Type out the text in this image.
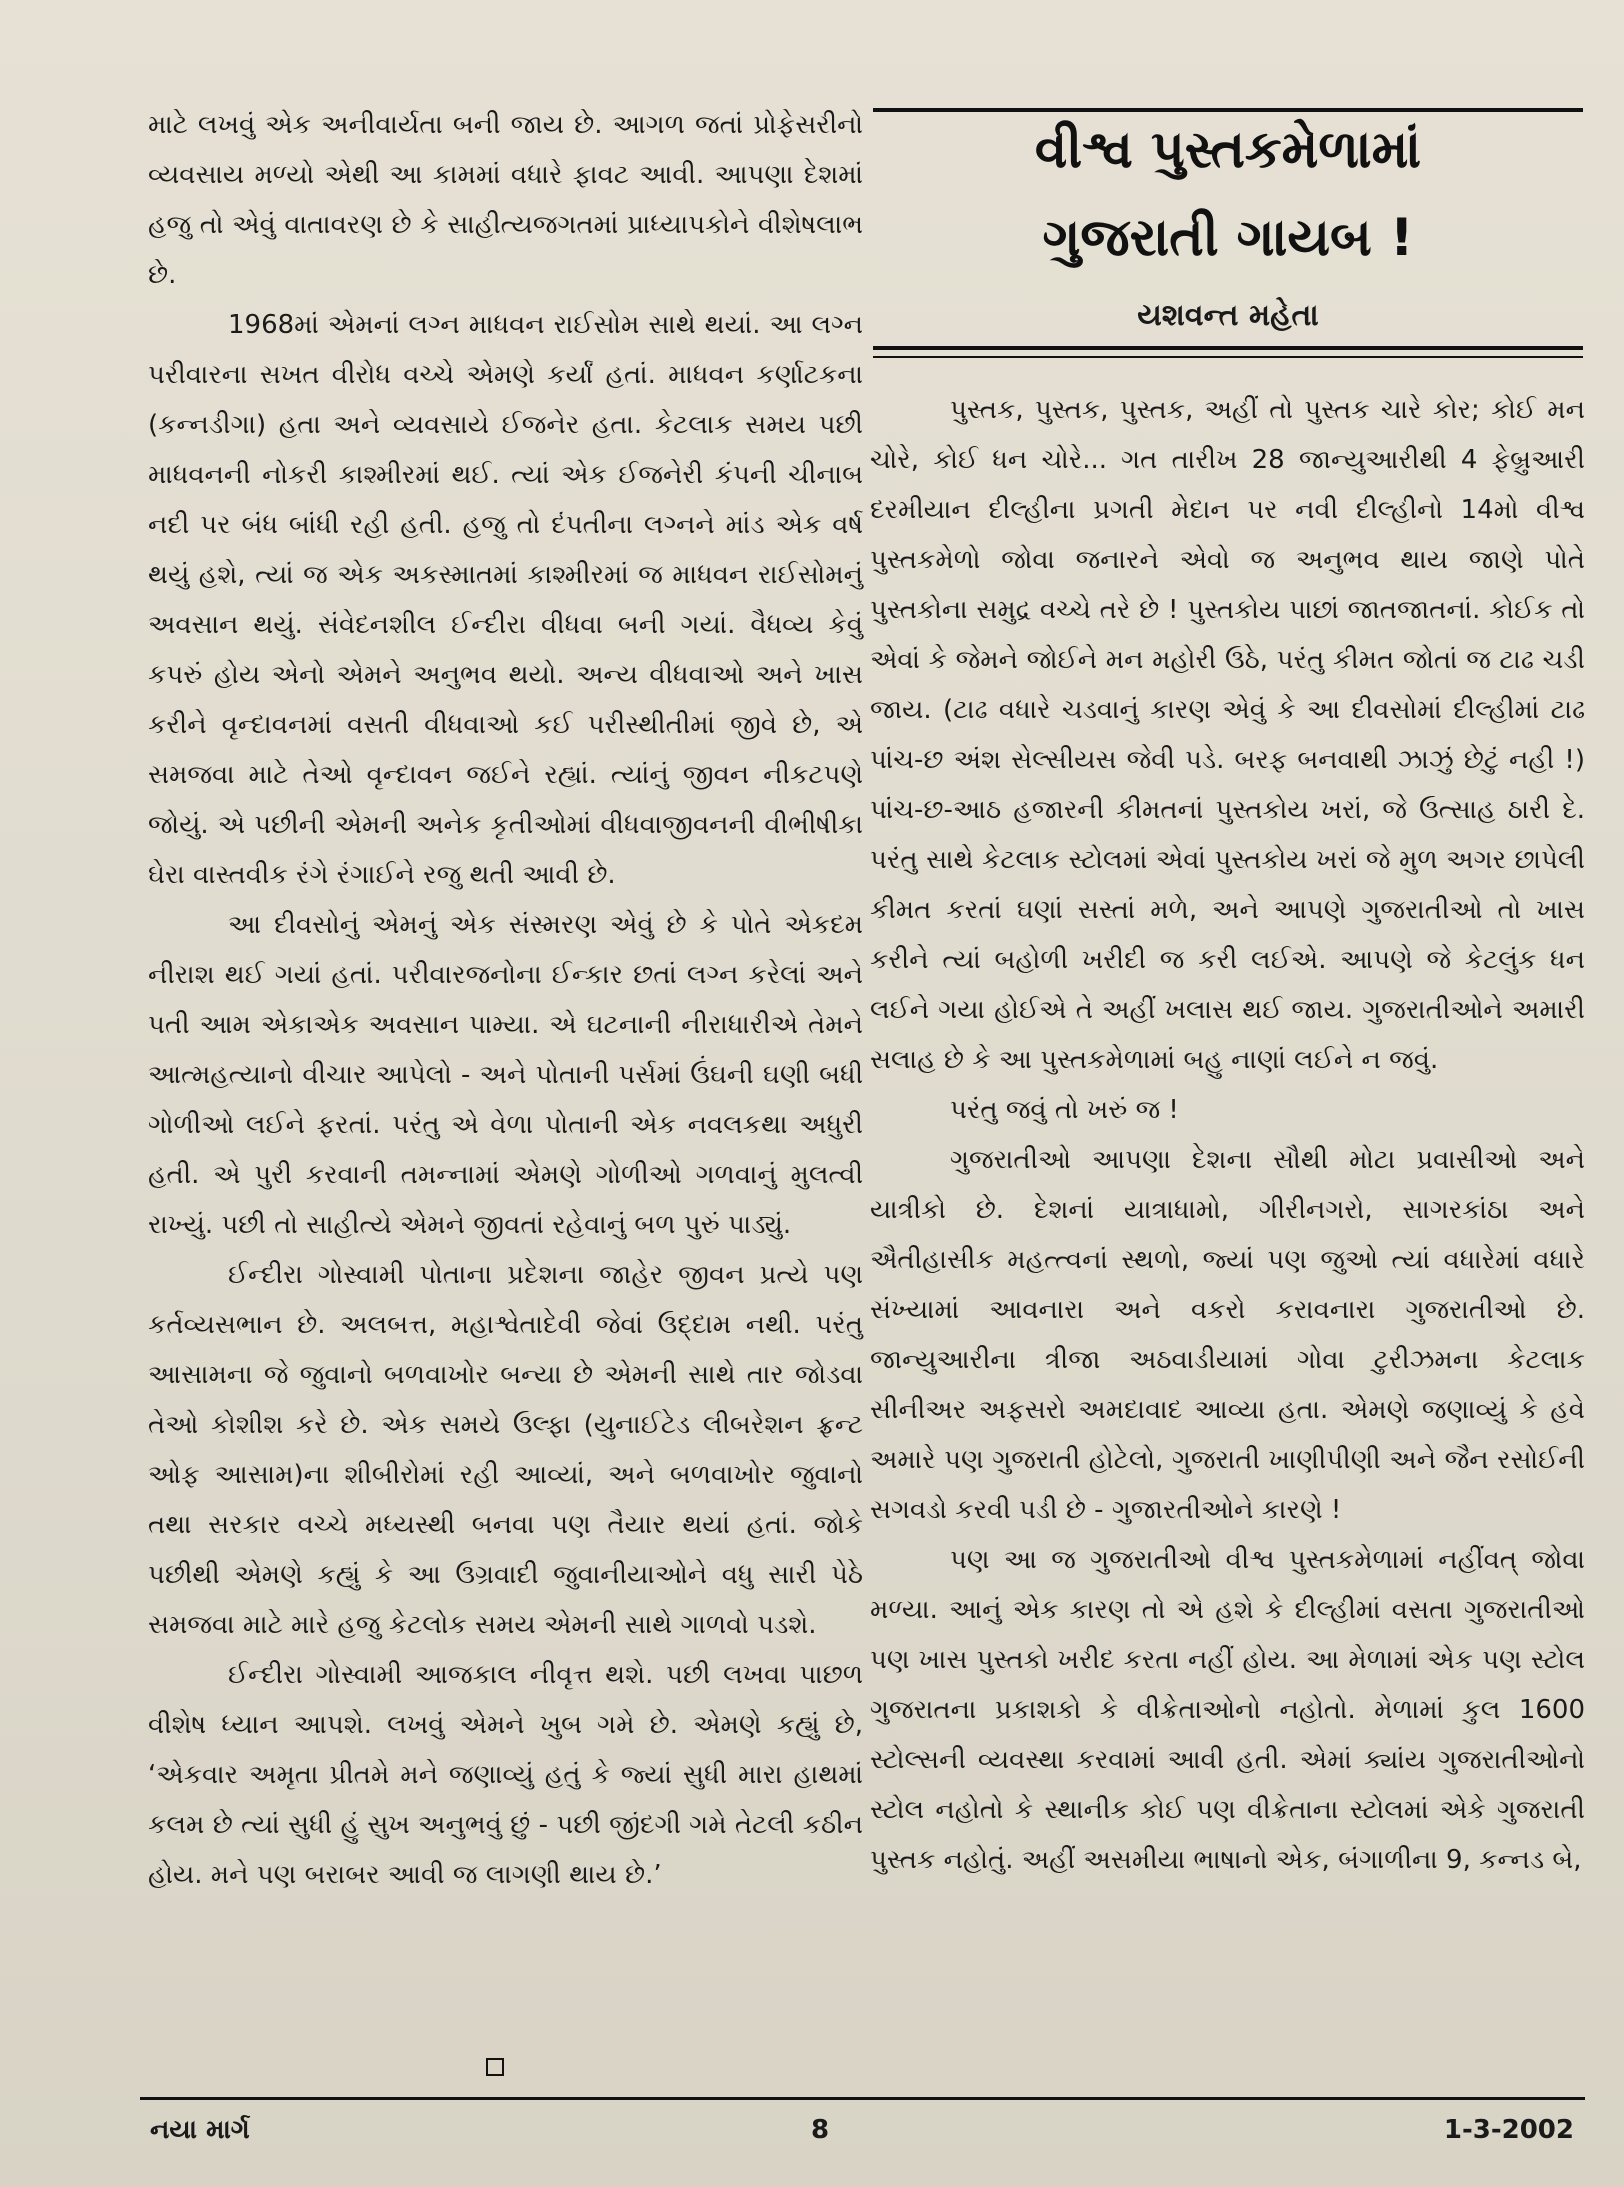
માટે લખવું એક અનીવાર્યતા બની જાય છે. આગળ જતાં પ્રોફેસરીનો વ્યવસાય મળ્યો એથી આ કામમાં વધારે ફાવટ આવી. આપણા દેશમાં હજુ તો એવું વાતાવરણ છે કે સાહીત્યજગતમાં પ્રાધ્યાપકોને વીશેષલાભ છે.

1968માં એમનાં લગ્ન માધવન રાઈસોમ સાથે થયાં. આ લગ્ન પરીવારના સખત વીરોધ વચ્ચે એમણે કર્યાં હતાં. માધવન કર્ણાટકના (કન્નડીગા) હતા અને વ્યવસાયે ઈજનેર હતા. કેટલાક સમય પછી માધવનની નોકરી કાશ્મીરમાં થઈ. ત્યાં એક ઈજનેરી કંપની ચીનાબ નદી પર બંધ બાંધી રહી હતી. હજુ તો દંપતીના લગ્નને માંડ એક વર્ષ થયું હશે, ત્યાં જ એક અકસ્માતમાં કાશ્મીરમાં જ માધવન રાઈસોમનું અવસાન થયું. સંવેદનશીલ ઈન્દીરા વીધવા બની ગયાં. વૈધવ્ય કેવું કપરું હોય એનો એમને અનુભવ થયો. અન્ય વીધવાઓ અને ખાસ કરીને વૃન્દાવનમાં વસતી વીધવાઓ કઈ પરીસ્થીતીમાં જીવે છે, એ સમજવા માટે તેઓ વૃન્દાવન જઈને રહ્યાં. ત્યાંનું જીવન નીકટપણે જોયું. એ પછીની એમની અનેક કૃતીઓમાં વીધવાજીવનની વીભીષીકા ઘેરા વાસ્તવીક રંગે રંગાઈને રજુ થતી આવી છે.

આ દીવસોનું એમનું એક સંસ્મરણ એવું છે કે પોતે એકદમ નીરાશ થઈ ગયાં હતાં. પરીવારજનોના ઈન્કાર છતાં લગ્ન કરેલાં અને પતી આમ એકાએક અવસાન પામ્યા. એ ઘટનાની નીરાધારીએ તેમને આત્મહત્યાનો વીચાર આપેલો - અને પોતાની પર્સમાં ઉંઘની ઘણી બધી ગોળીઓ લઈને ફરતાં. પરંતુ એ વેળા પોતાની એક નવલકથા અધુરી હતી. એ પુરી કરવાની તમન્નામાં એમણે ગોળીઓ ગળવાનું મુલત્વી રાખ્યું. પછી તો સાહીત્યે એમને જીવતાં રહેવાનું બળ પુરું પાડ્યું.

ઈન્દીરા ગોસ્વામી પોતાના પ્રદેશના જાહેર જીવન પ્રત્યે પણ કર્તવ્યસભાન છે. અલબત્ત, મહાશ્વેતાદેવી જેવાં ઉદ્દામ નથી. પરંતુ આસામના જે જુવાનો બળવાખોર બન્યા છે એમની સાથે તાર જોડવા તેઓ કોશીશ કરે છે. એક સમયે ઉલ્ફા (યુનાઈટેડ લીબરેશન ફ્રન્ટ ઓફ આસામ)ના શીબીરોમાં રહી આવ્યાં, અને બળવાખોર જુવાનો તથા સરકાર વચ્ચે મધ્યસ્થી બનવા પણ તૈયાર થયાં હતાં. જોકે પછીથી એમણે કહ્યું કે આ ઉગ્રવાદી જુવાનીયાઓને વધુ સારી પેઠે સમજવા માટે મારે હજુ કેટલોક સમય એમની સાથે ગાળવો પડશે.

ઈન્દીરા ગોસ્વામી આજકાલ નીવૃત્ત થશે. પછી લખવા પાછળ વીશેષ ધ્યાન આપશે. લખવું એમને ખુબ ગમે છે. એમણે કહ્યું છે, ‘એકવાર અમૃતા પ્રીતમે મને જણાવ્યું હતું કે જ્યાં સુધી મારા હાથમાં કલમ છે ત્યાં સુધી હું સુખ અનુભવું છું - પછી જીંદગી ગમે તેટલી કઠીન હોય. મને પણ બરાબર આવી જ લાગણી થાય છે.’

વીશ્વ પુસ્તકમેળામાં
ગુજરાતી ગાયબ !
યશવન્ત મહેતા

પુસ્તક, પુસ્તક, પુસ્તક, અહીં તો પુસ્તક ચારે કોર; કોઈ મન ચોરે, કોઈ ધન ચોરે... ગત તારીખ 28 જાન્યુઆરીથી 4 ફેબ્રુઆરી દરમીયાન દીલ્હીના પ્રગતી મેદાન પર નવી દીલ્હીનો 14મો વીશ્વ પુસ્તકમેળો જોવા જનારને એવો જ અનુભવ થાય જાણે પોતે પુસ્તકોના સમુદ્ર વચ્ચે તરે છે ! પુસ્તકોય પાછાં જાતજાતનાં. કોઈક તો એવાં કે જેમને જોઈને મન મહોરી ઉઠે, પરંતુ કીમત જોતાં જ ટાઢ ચડી જાય. (ટાઢ વધારે ચડવાનું કારણ એવું કે આ દીવસોમાં દીલ્હીમાં ટાઢ પાંચ-છ અંશ સેલ્સીયસ જેવી પડે. બરફ બનવાથી ઝાઝું છેટું નહી !) પાંચ-છ-આઠ હજારની કીમતનાં પુસ્તકોય ખરાં, જે ઉત્સાહ ઠારી દે. પરંતુ સાથે કેટલાક સ્ટોલમાં એવાં પુસ્તકોય ખરાં જે મુળ અગર છાપેલી કીમત કરતાં ઘણાં સસ્તાં મળે, અને આપણે ગુજરાતીઓ તો ખાસ કરીને ત્યાં બહોળી ખરીદી જ કરી લઈએ. આપણે જે કેટલુંક ધન લઈને ગયા હોઈએ તે અહીં ખલાસ થઈ જાય. ગુજરાતીઓને અમારી સલાહ છે કે આ પુસ્તકમેળામાં બહુ નાણાં લઈને ન જવું.

પરંતુ જવું તો ખરું જ !

ગુજરાતીઓ આપણા દેશના સૌથી મોટા પ્રવાસીઓ અને યાત્રીકો છે. દેશનાં યાત્રાધામો, ગીરીનગરો, સાગરકાંઠા અને ઐતીહાસીક મહત્ત્વનાં સ્થળો, જ્યાં પણ જુઓ ત્યાં વધારેમાં વધારે સંખ્યામાં આવનારા અને વકરો કરાવનારા ગુજરાતીઓ છે. જાન્યુઆરીના ત્રીજા અઠવાડીયામાં ગોવા ટુરીઝમના કેટલાક સીનીઅર અફસરો અમદાવાદ આવ્યા હતા. એમણે જણાવ્યું કે હવે અમારે પણ ગુજરાતી હોટેલો, ગુજરાતી ખાણીપીણી અને જૈન રસોઈની સગવડો કરવી પડી છે - ગુજારતીઓને કારણે !

પણ આ જ ગુજરાતીઓ વીશ્વ પુસ્તકમેળામાં નહીંવત્ જોવા મળ્યા. આનું એક કારણ તો એ હશે કે દીલ્હીમાં વસતા ગુજરાતીઓ પણ ખાસ પુસ્તકો ખરીદ કરતા નહીં હોય. આ મેળામાં એક પણ સ્ટોલ ગુજરાતના પ્રકાશકો કે વીક્રેતાઓનો નહોતો. મેળામાં કુલ 1600 સ્ટોલ્સની વ્યવસ્થા કરવામાં આવી હતી. એમાં ક્યાંય ગુજરાતીઓનો સ્ટોલ નહોતો કે સ્થાનીક કોઈ પણ વીક્રેતાના સ્ટોલમાં એકે ગુજરાતી પુસ્તક નહોતું. અહીં અસમીયા ભાષાનો એક, બંગાળીના 9, કન્નડ બે,

નયા માર્ગ	8	1-3-2002
